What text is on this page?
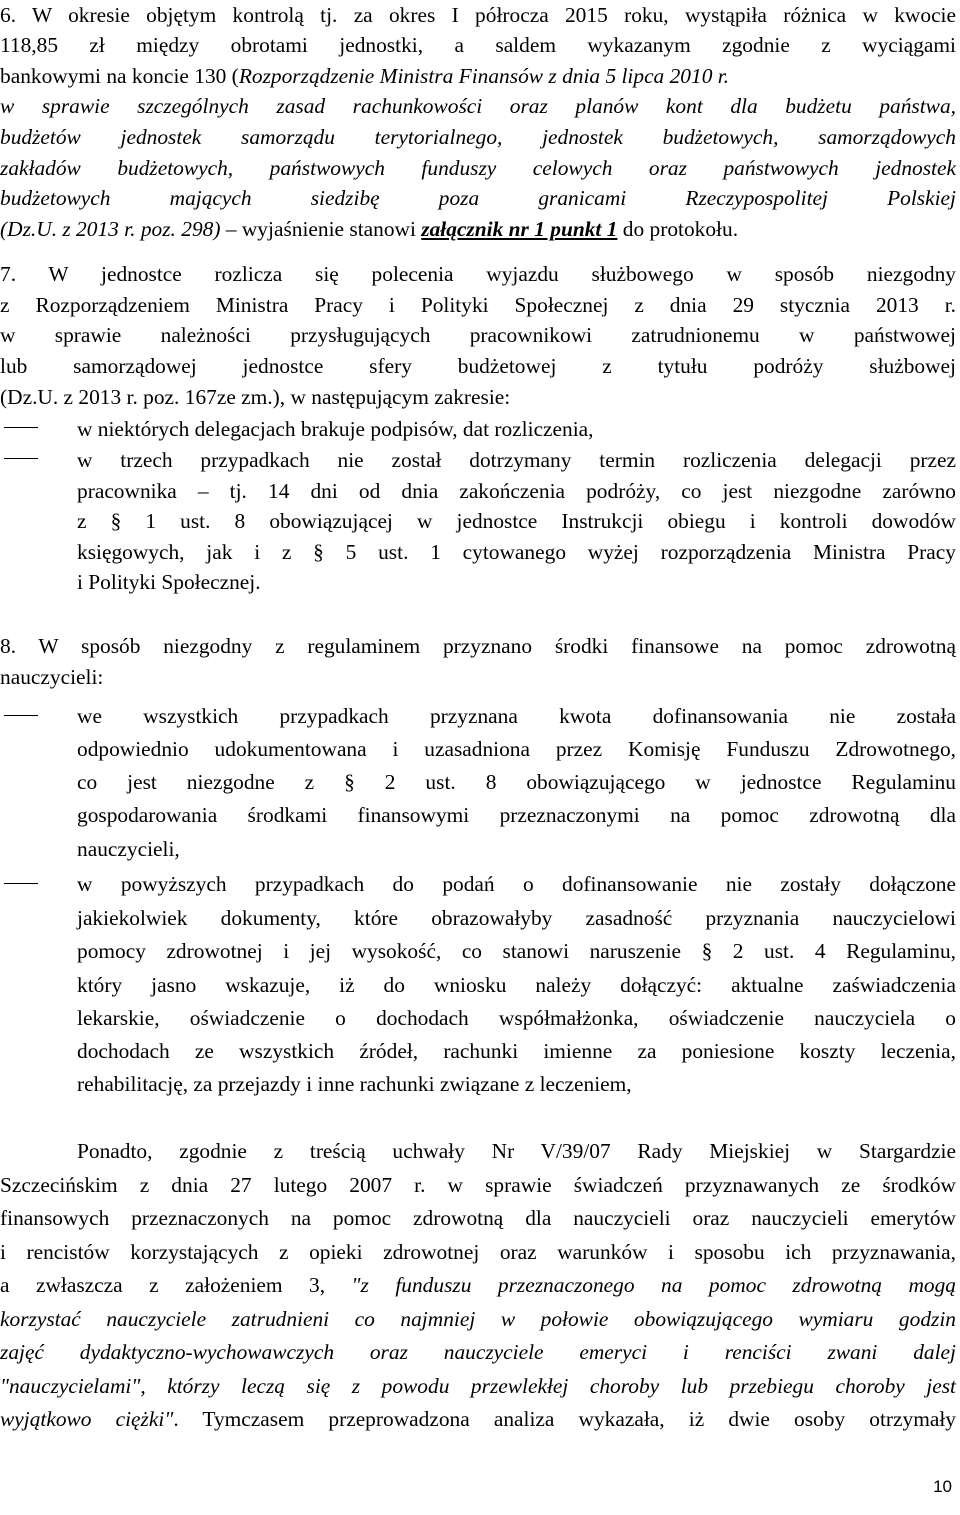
6. W okresie objętym kontrolą tj. za okres I półrocza 2015 roku, wystąpiła różnica w kwocie
118,85 zł między obrotami jednostki, a saldem wykazanym zgodnie z wyciągami
bankowymi na koncie 130 (Rozporządzenie Ministra Finansów z dnia 5 lipca 2010 r.
w sprawie szczególnych zasad rachunkowości oraz planów kont dla budżetu państwa,
budżetów jednostek samorządu terytorialnego, jednostek budżetowych, samorządowych
zakładów budżetowych, państwowych funduszy celowych oraz państwowych jednostek
budżetowych mających siedzibę poza granicami Rzeczypospolitej Polskiej
(Dz.U. z 2013 r. poz. 298) – wyjaśnienie stanowi załącznik nr 1 punkt 1 do protokołu.
7. W jednostce rozlicza się polecenia wyjazdu służbowego w sposób niezgodny
z Rozporządzeniem Ministra Pracy i Polityki Społecznej z dnia 29 stycznia 2013 r.
w sprawie należności przysługujących pracownikowi zatrudnionemu w państwowej
lub samorządowej jednostce sfery budżetowej z tytułu podróży służbowej
(Dz.U. z 2013 r. poz. 167ze zm.), w następującym zakresie:
w niektórych delegacjach brakuje podpisów, dat rozliczenia,
w trzech przypadkach nie został dotrzymany termin rozliczenia delegacji przez
pracownika – tj. 14 dni od dnia zakończenia podróży, co jest niezgodne zarówno
z § 1 ust. 8 obowiązującej w jednostce Instrukcji obiegu i kontroli dowodów
księgowych, jak i z § 5 ust. 1 cytowanego wyżej rozporządzenia Ministra Pracy
i Polityki Społecznej.
8. W sposób niezgodny z regulaminem przyznano środki finansowe na pomoc zdrowotną
nauczycieli:
we wszystkich przypadkach przyznana kwota dofinansowania nie została
odpowiednio udokumentowana i uzasadniona przez Komisję Funduszu Zdrowotnego,
co jest niezgodne z § 2 ust. 8 obowiązującego w jednostce Regulaminu
gospodarowania środkami finansowymi przeznaczonymi na pomoc zdrowotną dla
nauczycieli,
w powyższych przypadkach do podań o dofinansowanie nie zostały dołączone
jakiekolwiek dokumenty, które obrazowałyby zasadność przyznania nauczycielowi
pomocy zdrowotnej i jej wysokość, co stanowi naruszenie § 2 ust. 4 Regulaminu,
który jasno wskazuje, iż do wniosku należy dołączyć: aktualne zaświadczenia
lekarskie, oświadczenie o dochodach współmałżonka, oświadczenie nauczyciela o
dochodach ze wszystkich źródeł, rachunki imienne za poniesione koszty leczenia,
rehabilitację, za przejazdy i inne rachunki związane z leczeniem,
Ponadto, zgodnie z treścią uchwały Nr V/39/07 Rady Miejskiej w Stargardzie
Szczecińskim z dnia 27 lutego 2007 r. w sprawie świadczeń przyznawanych ze środków
finansowych przeznaczonych na pomoc zdrowotną dla nauczycieli oraz nauczycieli emerytów
i rencistów korzystających z opieki zdrowotnej oraz warunków i sposobu ich przyznawania,
a zwłaszcza z założeniem 3, "z funduszu przeznaczonego na pomoc zdrowotną mogą
korzystać nauczyciele zatrudnieni co najmniej w połowie obowiązującego wymiaru godzin
zajęć dydaktyczno-wychowawczych oraz nauczyciele emeryci i renciści zwani dalej
"nauczycielami", którzy leczą się z powodu przewlekłej choroby lub przebiegu choroby jest
wyjątkowo ciężki". Tymczasem przeprowadzona analiza wykazała, iż dwie osoby otrzymały
10
